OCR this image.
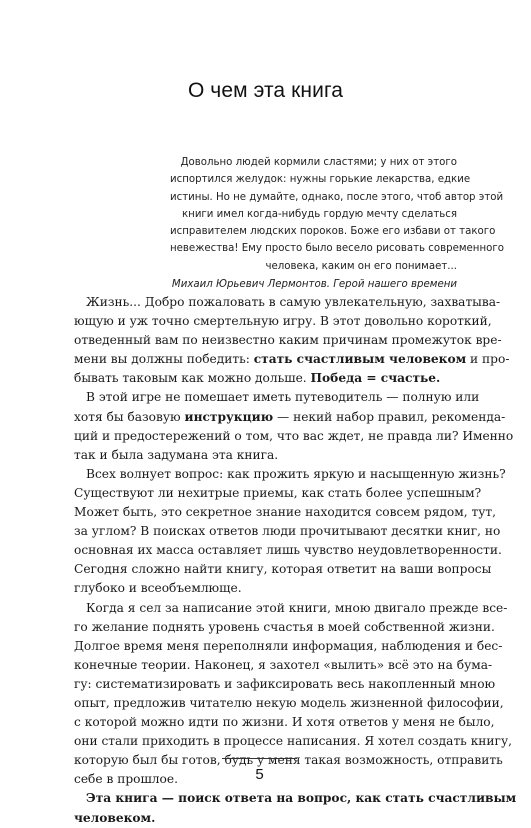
О чем эта книга
Довольно людей кормили сластями; у них от этого
испортился желудок: нужны горькие лекарства, едкие
истины. Но не думайте, однако, после этого, чтоб автор этой
книги имел когда-нибудь гордую мечту сделаться
исправителем людских пороков. Боже его избави от такого
невежества! Ему просто было весело рисовать современного
человека, каким он его понимает...
Михаил Юрьевич Лермонтов. Герой нашего времени
Жизнь... Добро пожаловать в самую увлекательную, захватыва-
ющую и уж точно смертельную игру. В этот довольно короткий,
отведенный вам по неизвестно каким причинам промежуток вре-
мени вы должны победить: стать счастливым человеком и про-
бывать таковым как можно дольше. Победа = счастье.
В этой игре не помешает иметь путеводитель — полную или
хотя бы базовую инструкцию — некий набор правил, рекоменда-
ций и предостережений о том, что вас ждет, не правда ли? Именно
так и была задумана эта книга.
Всех волнует вопрос: как прожить яркую и насыщенную жизнь?
Существуют ли нехитрые приемы, как стать более успешным?
Может быть, это секретное знание находится совсем рядом, тут,
за углом? В поисках ответов люди прочитывают десятки книг, но
основная их масса оставляет лишь чувство неудовлетворенности.
Сегодня сложно найти книгу, которая ответит на ваши вопросы
глубоко и всеобъемлюще.
Когда я сел за написание этой книги, мною двигало прежде все-
го желание поднять уровень счастья в моей собственной жизни.
Долгое время меня переполняли информация, наблюдения и бес-
конечные теории. Наконец, я захотел «вылить» всё это на бума-
гу: систематизировать и зафиксировать весь накопленный мною
опыт, предложив читателю некую модель жизненной философии,
с которой можно идти по жизни. И хотя ответов у меня не было,
они стали приходить в процессе написания. Я хотел создать книгу,
которую был бы готов, будь у меня такая возможность, отправить
себе в прошлое.
Эта книга — поиск ответа на вопрос, как стать счастливым
человеком.
5
